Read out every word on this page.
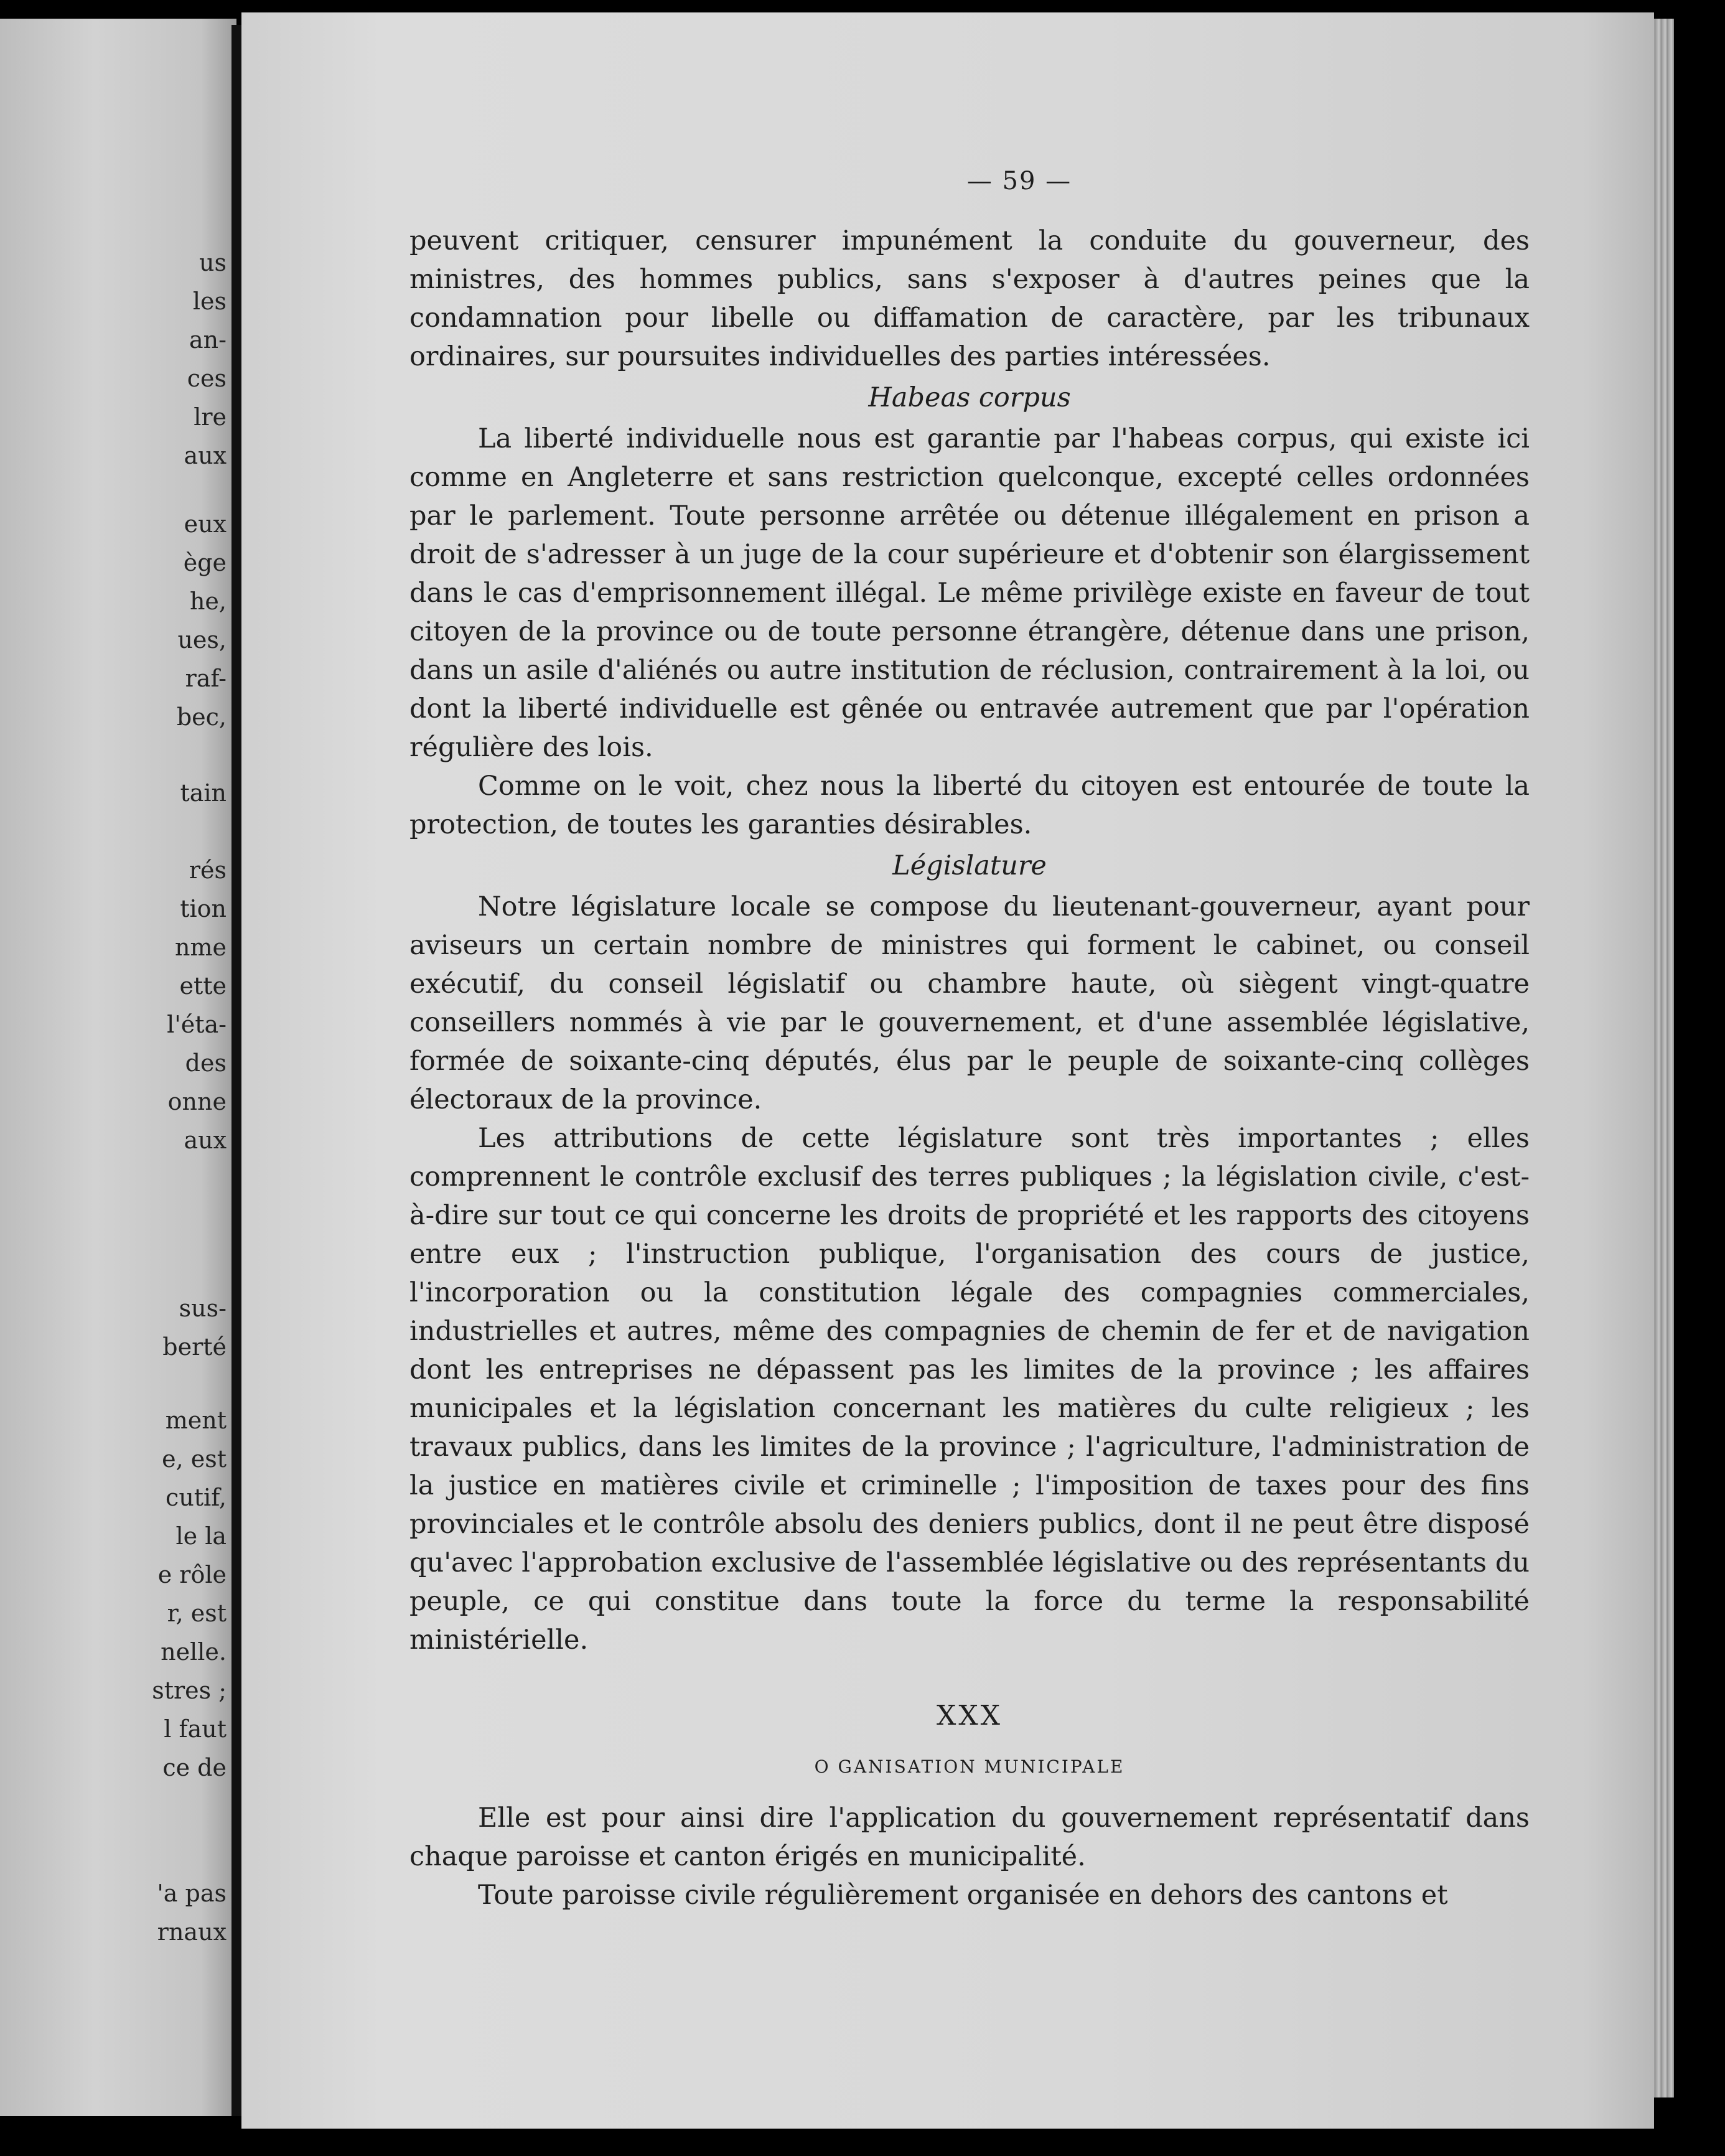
us
les
an-
ces
lre
aux
eux
ège
he,
ues,
raf-
bec,
tain
rés
tion
nme
ette
l'éta-
des
onne
aux
sus-
berté
ment
e, est
cutif,
le la
e rôle
r, est
nelle.
stres ;
l faut
ce de
'a pas
rnaux
— 59 —

peuvent critiquer, censurer impunément la conduite du gouverneur, des ministres, des hommes publics, sans s'exposer à d'autres peines que la condamnation pour libelle ou diffamation de caractère, par les tribunaux ordinaires, sur poursuites individuelles des parties intéressées.

Habeas corpus

La liberté individuelle nous est garantie par l'habeas corpus, qui existe ici comme en Angleterre et sans restriction quelconque, excepté celles ordonnées par le parlement. Toute personne arrêtée ou détenue illégalement en prison a droit de s'adresser à un juge de la cour supérieure et d'obtenir son élargissement dans le cas d'emprisonnement illégal. Le même privilège existe en faveur de tout citoyen de la province ou de toute personne étrangère, détenue dans une prison, dans un asile d'aliénés ou autre institution de réclusion, contrairement à la loi, ou dont la liberté individuelle est gênée ou entravée autrement que par l'opération régulière des lois.

Comme on le voit, chez nous la liberté du citoyen est entourée de toute la protection, de toutes les garanties désirables.

Législature

Notre législature locale se compose du lieutenant-gouverneur, ayant pour aviseurs un certain nombre de ministres qui forment le cabinet, ou conseil exécutif, du conseil législatif ou chambre haute, où siègent vingt-quatre conseillers nommés à vie par le gouvernement, et d'une assemblée législative, formée de soixante-cinq députés, élus par le peuple de soixante-cinq collèges électoraux de la province.

Les attributions de cette législature sont très importantes ; elles comprennent le contrôle exclusif des terres publiques ; la législation civile, c'est-à-dire sur tout ce qui concerne les droits de propriété et les rapports des citoyens entre eux ; l'instruction publique, l'organisation des cours de justice, l'incorporation ou la constitution légale des compagnies commerciales, industrielles et autres, même des compagnies de chemin de fer et de navigation dont les entreprises ne dépassent pas les limites de la province ; les affaires municipales et la législation concernant les matières du culte religieux ; les travaux publics, dans les limites de la province ; l'agriculture, l'administration de la justice en matières civile et criminelle ; l'imposition de taxes pour des fins provinciales et le contrôle absolu des deniers publics, dont il ne peut être disposé qu'avec l'approbation exclusive de l'assemblée législative ou des représentants du peuple, ce qui constitue dans toute la force du terme la responsabilité ministérielle.

XXX
O GANISATION MUNICIPALE

Elle est pour ainsi dire l'application du gouvernement représentatif dans chaque paroisse et canton érigés en municipalité.

Toute paroisse civile régulièrement organisée en dehors des cantons et
